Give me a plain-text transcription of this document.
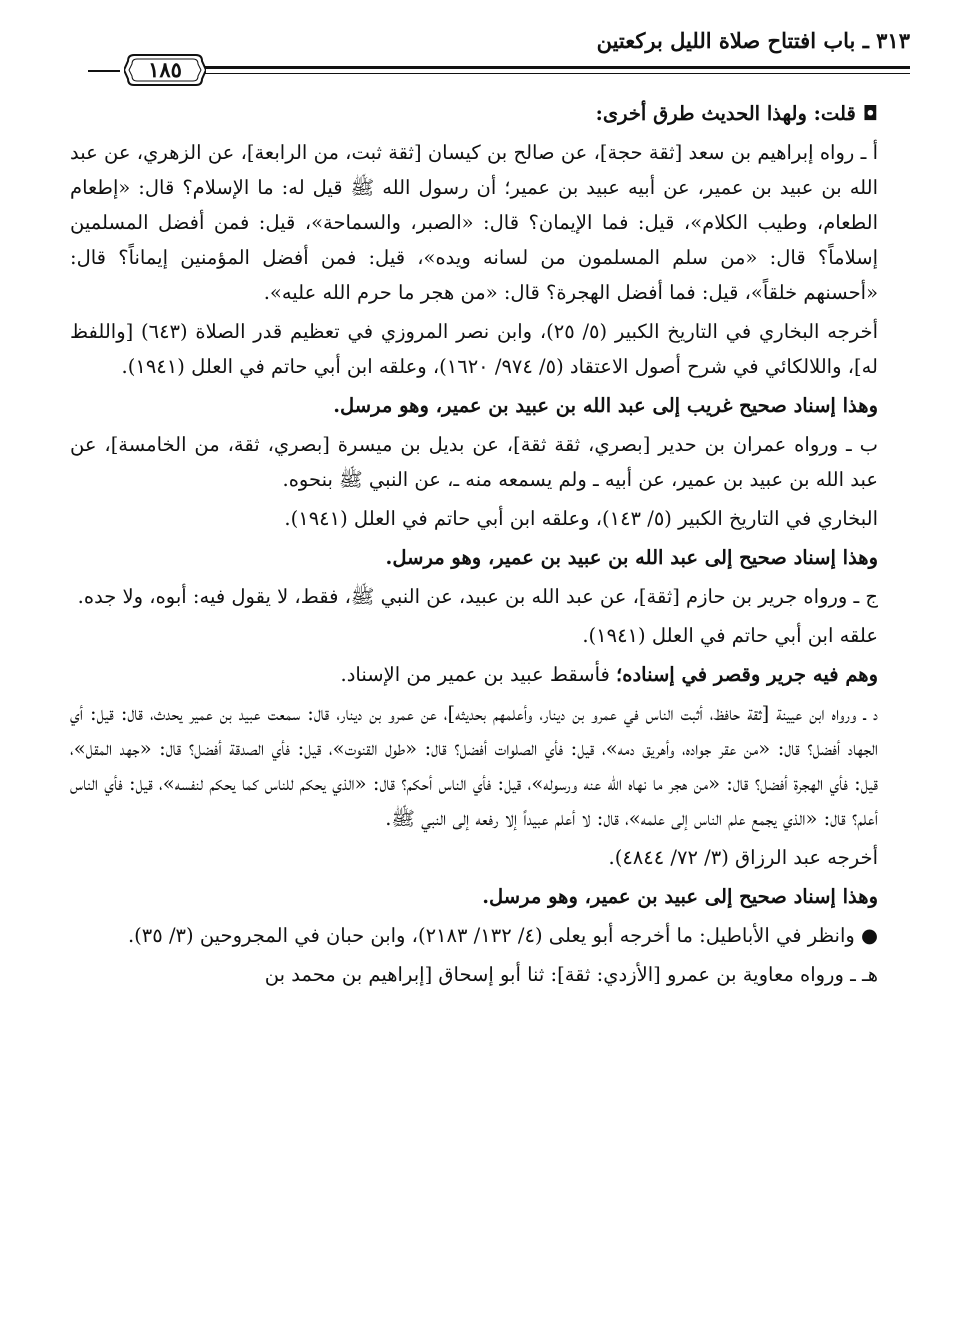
٣١٣ ـ باب افتتاح صلاة الليل بركعتين
١٨٥

◘ قلت: ولهذا الحديث طرق أخرى:

أ ـ رواه إبراهيم بن سعد [ثقة حجة]، عن صالح بن كيسان [ثقة ثبت، من الرابعة]، عن الزهري، عن عبد الله بن عبيد بن عمير، عن أبيه عبيد بن عمير؛ أن رسول الله ﷺ قيل له: ما الإسلام؟ قال: «إطعام الطعام، وطيب الكلام»، قيل: فما الإيمان؟ قال: «الصبر، والسماحة»، قيل: فمن أفضل المسلمين إسلاماً؟ قال: «من سلم المسلمون من لسانه ويده»، قيل: فمن أفضل المؤمنين إيماناً؟ قال: «أحسنهم خلقاً»، قيل: فما أفضل الهجرة؟ قال: «من هجر ما حرم الله عليه».

أخرجه البخاري في التاريخ الكبير (٥/ ٢٥)، وابن نصر المروزي في تعظيم قدر الصلاة (٦٤٣) [واللفظ له]، واللالكائي في شرح أصول الاعتقاد (٥/ ٩٧٤/ ١٦٢٠)، وعلقه ابن أبي حاتم في العلل (١٩٤١).

وهذا إسناد صحيح غريب إلى عبد الله بن عبيد بن عمير، وهو مرسل.

ب ـ ورواه عمران بن حدير [بصري، ثقة ثقة]، عن بديل بن ميسرة [بصري، ثقة، من الخامسة]، عن عبد الله بن عبيد بن عمير، عن أبيه ـ ولم يسمعه منه ـ، عن النبي ﷺ بنحوه.

البخاري في التاريخ الكبير (٥/ ١٤٣)، وعلقه ابن أبي حاتم في العلل (١٩٤١).

وهذا إسناد صحيح إلى عبد الله بن عبيد بن عمير، وهو مرسل.

ج ـ ورواه جرير بن حازم [ثقة]، عن عبد الله بن عبيد، عن النبي ﷺ، فقط، لا يقول فيه: أبوه، ولا جده.

علقه ابن أبي حاتم في العلل (١٩٤١).

وهم فيه جرير وقصر في إسناده؛ فأسقط عبيد بن عمير من الإسناد.

د ـ ورواه ابن عيينة [ثقة حافظ، أثبت الناس في عمرو بن دينار، وأعلمهم بحديثه]، عن عمرو بن دينار، قال: سمعت عبيد بن عمير يحدث، قال: قيل: أي الجهاد أفضل؟ قال: «من عقر جواده، وأهريق دمه»، قيل: فأي الصلوات أفضل؟ قال: «طول القنوت»، قيل: فأي الصدقة أفضل؟ قال: «جهد المقل»، قيل: فأي الهجرة أفضل؟ قال: «من هجر ما نهاه الله عنه ورسوله»، قيل: فأي الناس أحكم؟ قال: «الذي يحكم للناس كما يحكم لنفسه»، قيل: فأي الناس أعلم؟ قال: «الذي يجمع علم الناس إلى علمه»، قال: لا أعلم عبيداً إلا رفعه إلى النبي ﷺ.

أخرجه عبد الرزاق (٣/ ٧٢/ ٤٨٤٤).

وهذا إسناد صحيح إلى عبيد بن عمير، وهو مرسل.

● وانظر في الأباطيل: ما أخرجه أبو يعلى (٤/ ١٣٢/ ٢١٨٣)، وابن حبان في المجروحين (٣/ ٣٥).

هـ ـ ورواه معاوية بن عمرو [الأزدي: ثقة]: ثنا أبو إسحاق [إبراهيم بن محمد بن
